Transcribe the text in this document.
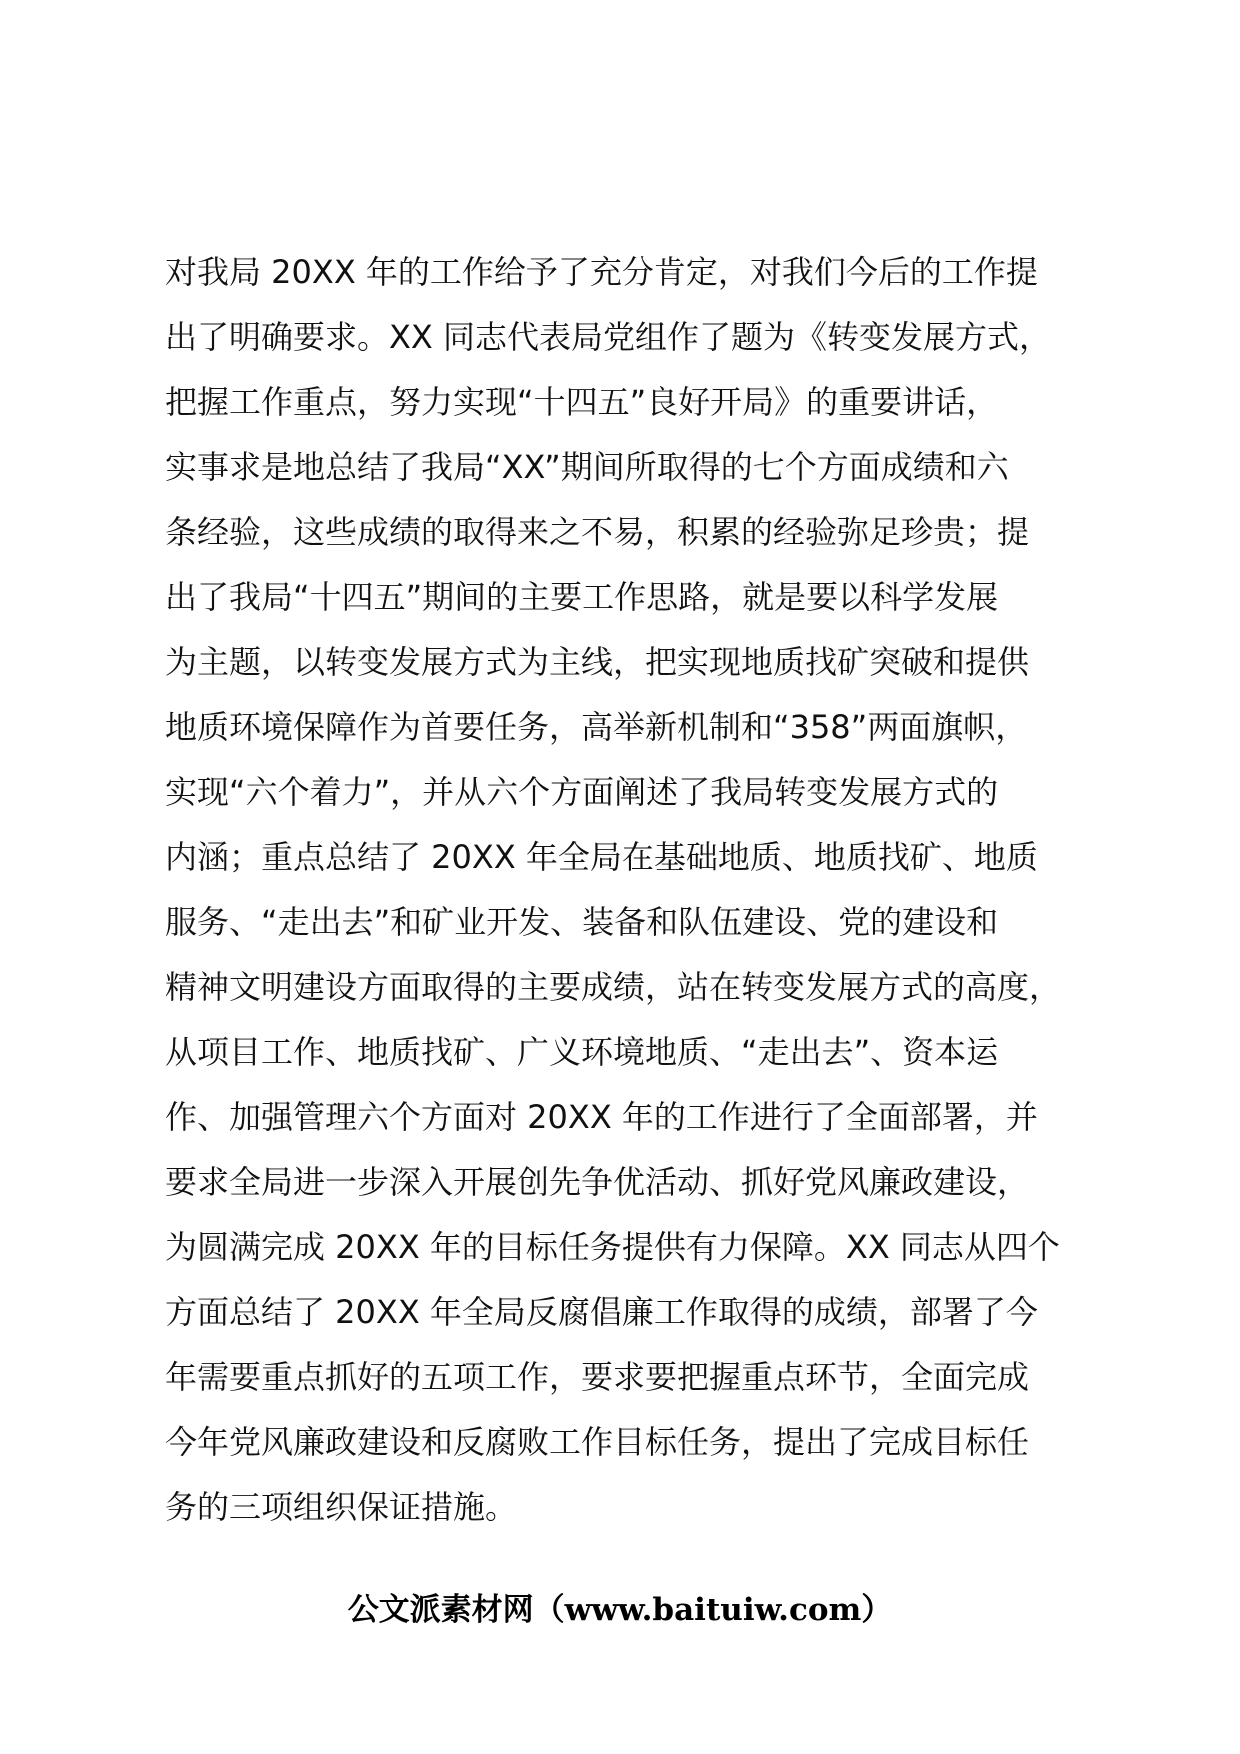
对我局 20XX 年的工作给予了充分肯定，对我们今后的工作提
出了明确要求。XX 同志代表局党组作了题为《转变发展方式，
把握工作重点，努力实现“十四五”良好开局》的重要讲话，
实事求是地总结了我局“XX”期间所取得的七个方面成绩和六
条经验，这些成绩的取得来之不易，积累的经验弥足珍贵；提
出了我局“十四五”期间的主要工作思路，就是要以科学发展
为主题，以转变发展方式为主线，把实现地质找矿突破和提供
地质环境保障作为首要任务，高举新机制和“358”两面旗帜，
实现“六个着力”，并从六个方面阐述了我局转变发展方式的
内涵；重点总结了 20XX 年全局在基础地质、地质找矿、地质
服务、“走出去”和矿业开发、装备和队伍建设、党的建设和
精神文明建设方面取得的主要成绩，站在转变发展方式的高度，
从项目工作、地质找矿、广义环境地质、“走出去”、资本运
作、加强管理六个方面对 20XX 年的工作进行了全面部署，并
要求全局进一步深入开展创先争优活动、抓好党风廉政建设，
为圆满完成 20XX 年的目标任务提供有力保障。XX 同志从四个
方面总结了 20XX 年全局反腐倡廉工作取得的成绩，部署了今
年需要重点抓好的五项工作，要求要把握重点环节，全面完成
今年党风廉政建设和反腐败工作目标任务，提出了完成目标任
务的三项组织保证措施。
公文派素材网（www.baituiw.com）
